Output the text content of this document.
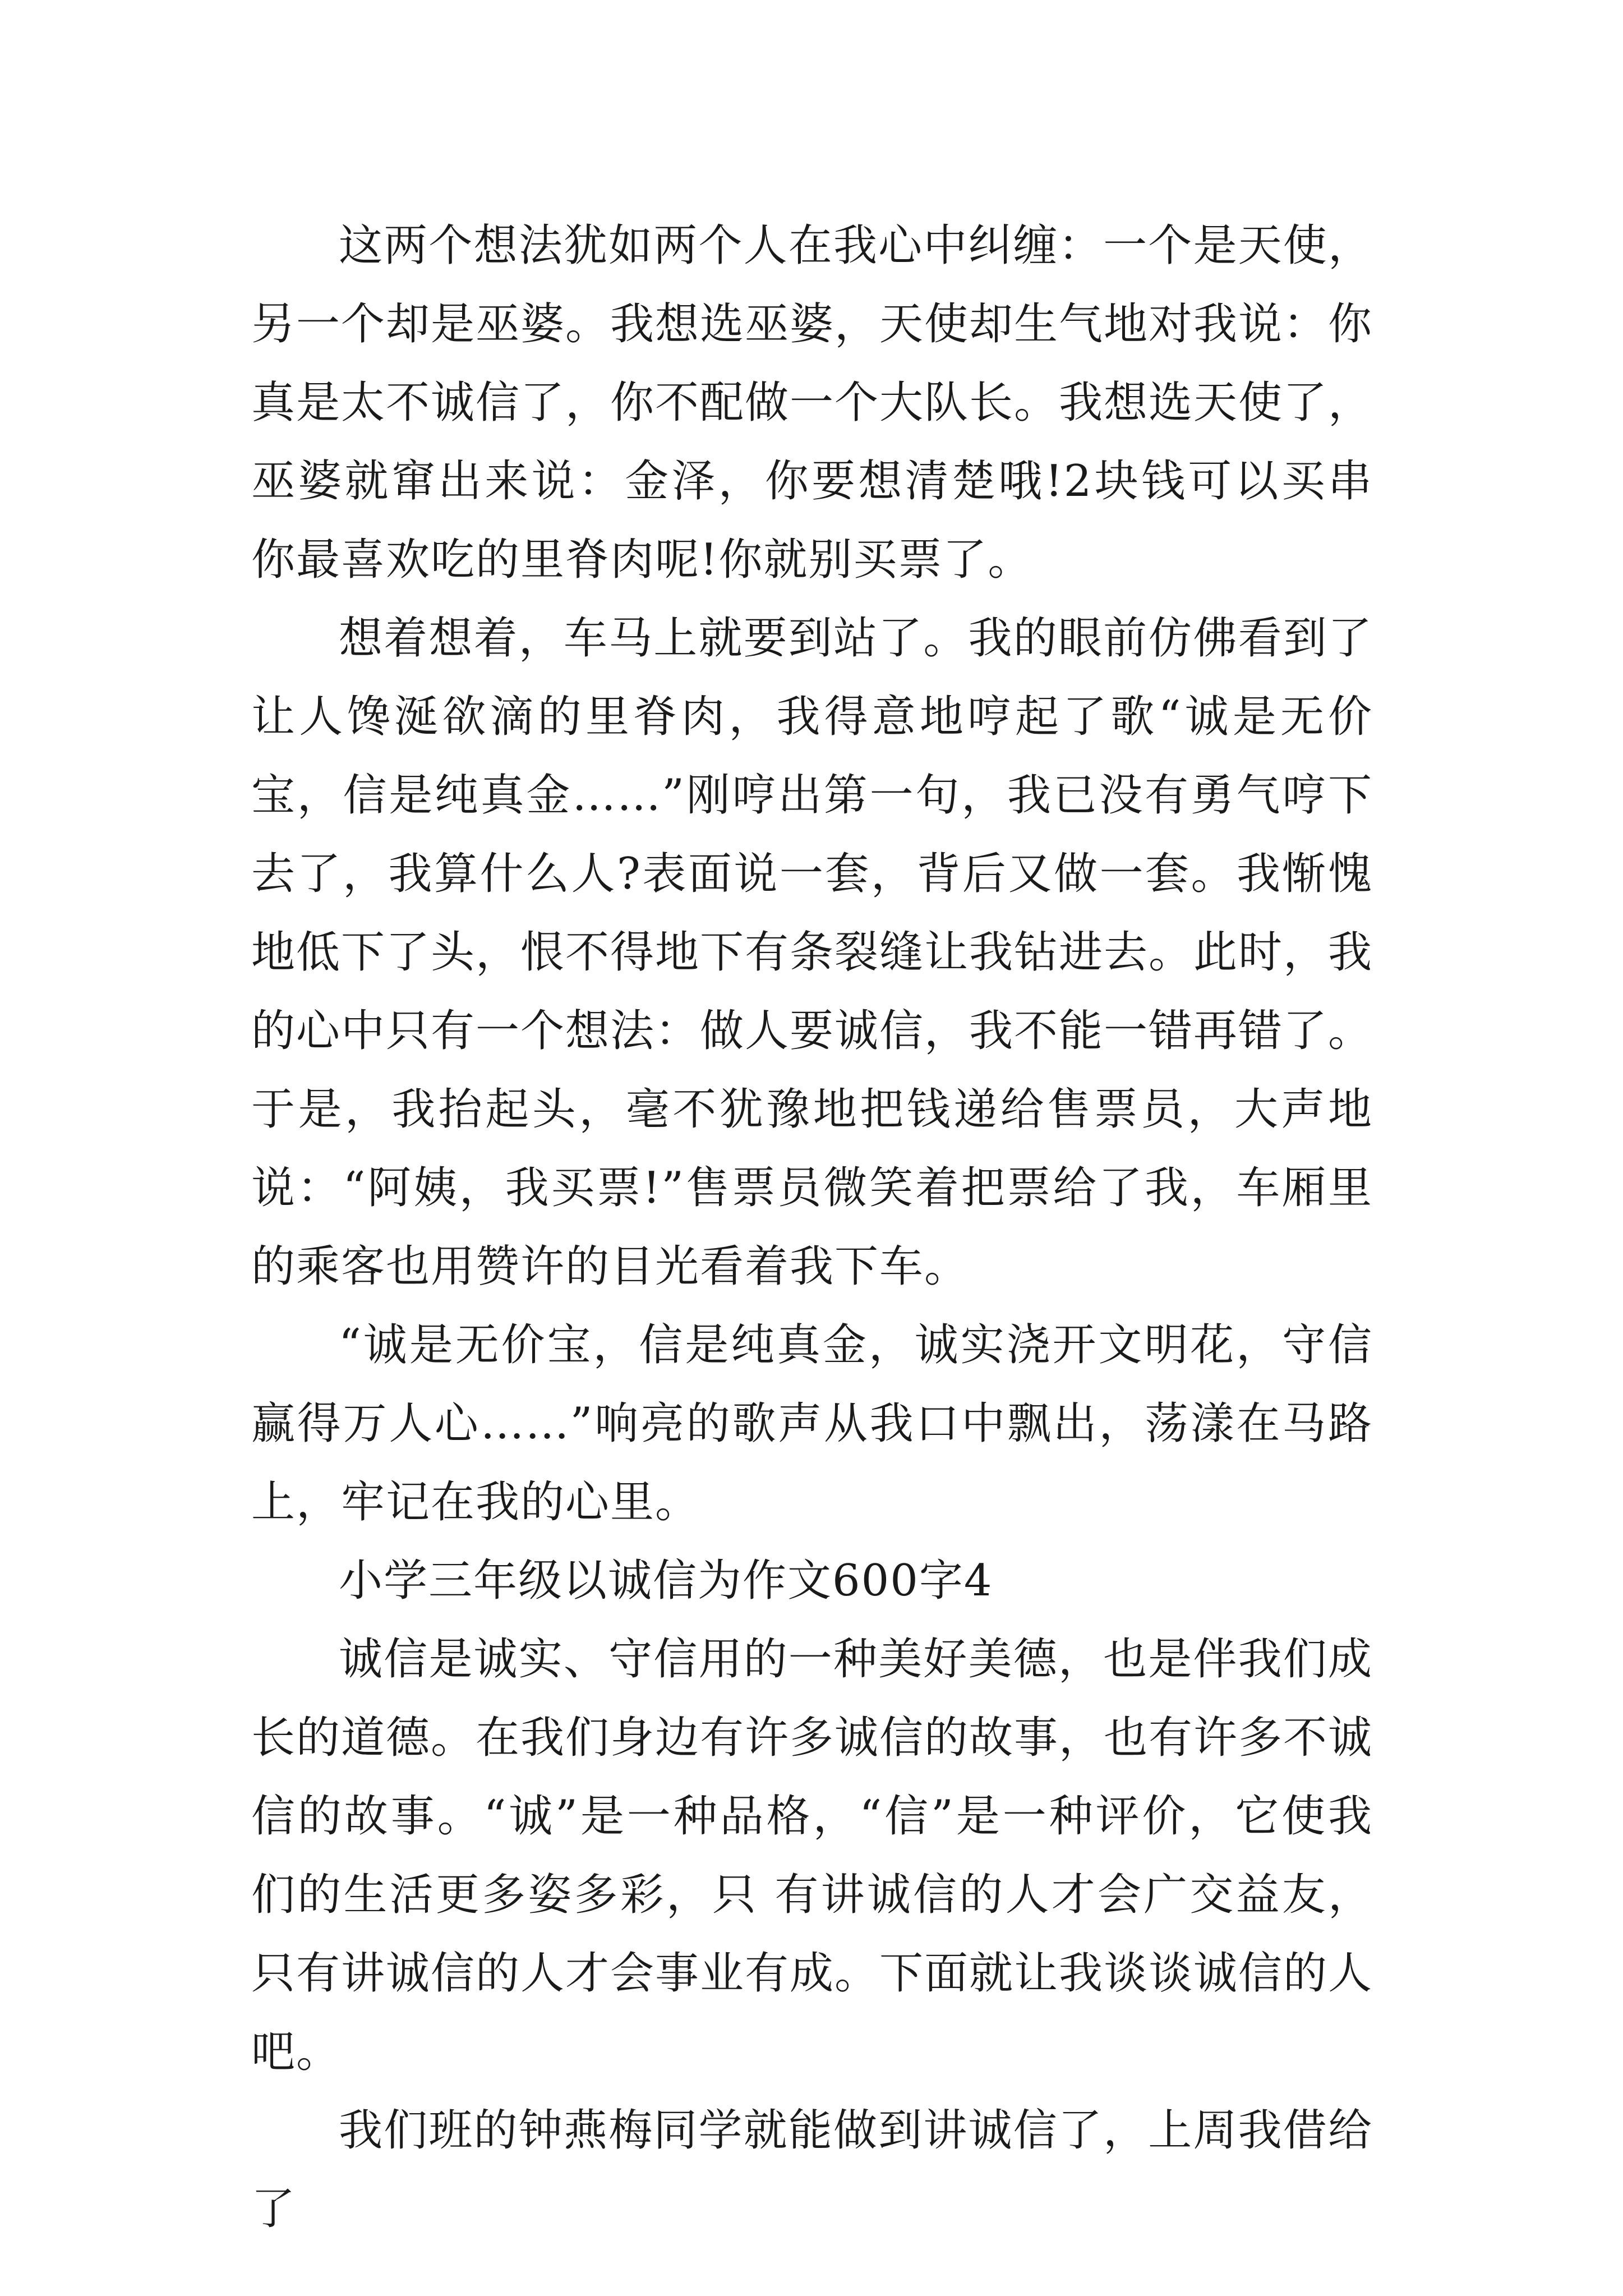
这两个想法犹如两个人在我心中纠缠：一个是天使，另一个却是巫婆。我想选巫婆，天使却生气地对我说：你真是太不诚信了，你不配做一个大队长。我想选天使了，巫婆就窜出来说：金泽，你要想清楚哦!2块钱可以买串你最喜欢吃的里脊肉呢!你就别买票了。

想着想着，车马上就要到站了。我的眼前仿佛看到了让人馋涎欲滴的里脊肉，我得意地哼起了歌“诚是无价宝，信是纯真金……”刚哼出第一句，我已没有勇气哼下去了，我算什么人?表面说一套，背后又做一套。我惭愧地低下了头，恨不得地下有条裂缝让我钻进去。此时，我的心中只有一个想法：做人要诚信，我不能一错再错了。于是，我抬起头，毫不犹豫地把钱递给售票员，大声地说：“阿姨，我买票!”售票员微笑着把票给了我，车厢里的乘客也用赞许的目光看着我下车。

“诚是无价宝，信是纯真金，诚实浇开文明花，守信赢得万人心……”响亮的歌声从我口中飘出，荡漾在马路上，牢记在我的心里。

小学三年级以诚信为作文600字4

诚信是诚实、守信用的一种美好美德，也是伴我们成长的道德。在我们身边有许多诚信的故事，也有许多不诚信的故事。“诚”是一种品格，“信”是一种评价，它使我们的生活更多姿多彩，只 有讲诚信的人才会广交益友，只有讲诚信的人才会事业有成。下面就让我谈谈诚信的人吧。

我们班的钟燕梅同学就能做到讲诚信了，上周我借给了
